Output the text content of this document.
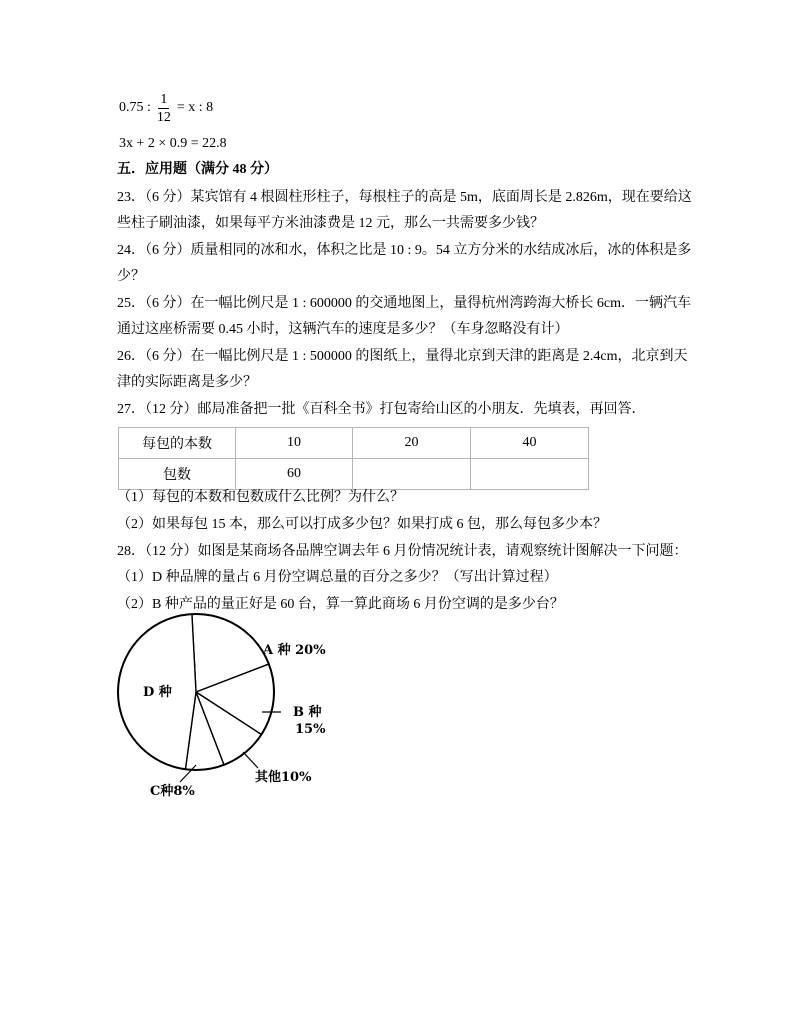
0.75 : $\frac{1}{12} = x$ : 8
3x + 2 × 0.9 = 22.8
五．应用题（满分 48 分）
23．（6 分）某宾馆有 4 根圆柱形柱子，每根柱子的高是 5m，底面周长是 2.826m，现在要给这
些柱子刷油漆，如果每平方米油漆费是 12 元，那么一共需要多少钱？
24．（6 分）质量相同的冰和水，体积之比是 10 : 9。54 立方分米的水结成冰后，冰的体积是多
少？
25．（6 分）在一幅比例尺是 1 : 600000 的交通地图上，量得杭州湾跨海大桥长 6cm．一辆汽车
通过这座桥需要 0.45 小时，这辆汽车的速度是多少？（车身忽略没有计）
26．（6 分）在一幅比例尺是 1 : 500000 的图纸上，量得北京到天津的距离是 2.4cm，北京到天
津的实际距离是多少？
27．（12 分）邮局准备把一批《百科全书》打包寄给山区的小朋友．先填表，再回答．
每包的本数	10	20	40
包数	60		
（1）每包的本数和包数成什么比例？为什么？
（2）如果每包 15 本，那么可以打成多少包？如果打成 6 包，那么每包多少本？
28．（12 分）如图是某商场各品牌空调去年 6 月份情况统计表，请观察统计图解决一下问题：
（1）D 种品牌的量占 6 月份空调总量的百分之多少？（写出计算过程）
（2）B 种产品的量正好是 60 台，算一算此商场 6 月份空调的是多少台？
A 种 20%
B 种
15%
其他10%
C种8%
D 种
